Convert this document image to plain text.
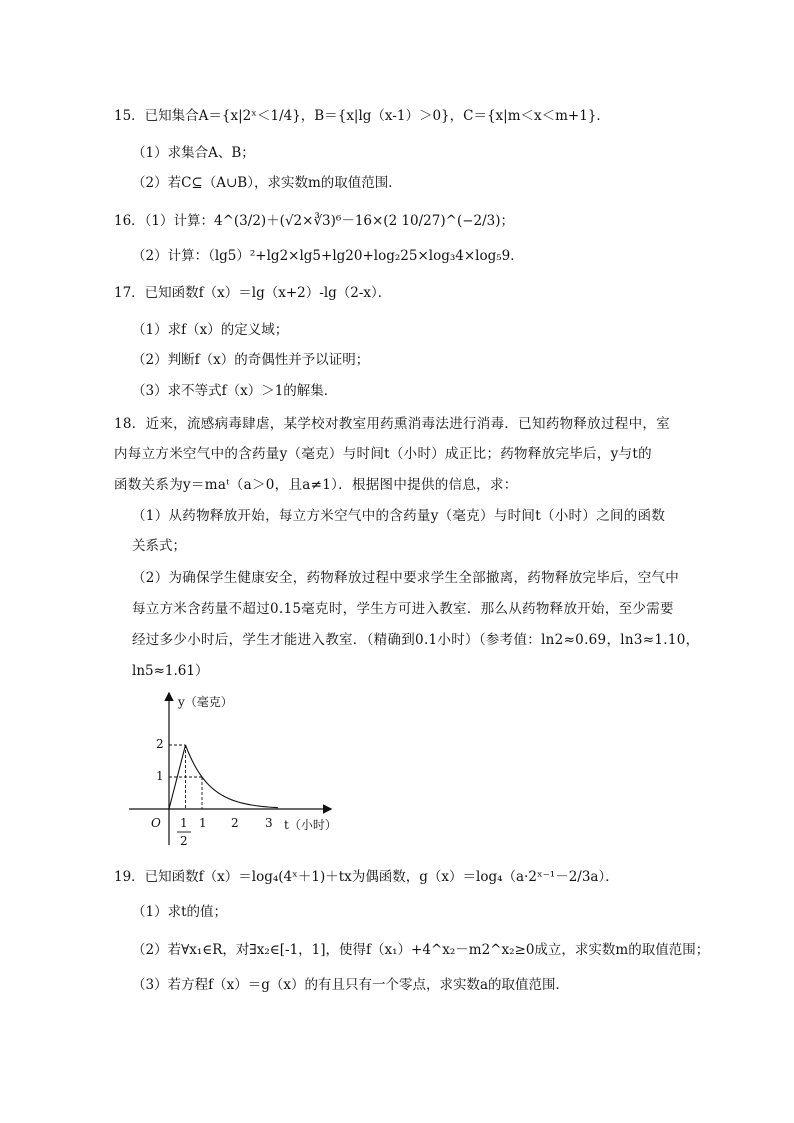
15．已知集合A＝{x|2ˣ＜1/4}，B＝{x|lg（x-1）＞0}，C＝{x|m＜x＜m+1}．
（1）求集合A、B；
（2）若C⊆（A∪B），求实数m的取值范围．
16．（1）计算：4^(3/2)＋(√2×∛3)⁶－16×(2 10/27)^(−2/3)；
（2）计算：（lg5）²+lg2×lg5+lg20+log₂25×log₃4×log₅9．
17．已知函数f（x）＝lg（x+2）-lg（2-x）．
（1）求f（x）的定义域；
（2）判断f（x）的奇偶性并予以证明；
（3）求不等式f（x）＞1的解集．
18．近来，流感病毒肆虐，某学校对教室用药熏消毒法进行消毒．已知药物释放过程中，室
内每立方米空气中的含药量y（毫克）与时间t（小时）成正比；药物释放完毕后，y与t的
函数关系为y＝maᵗ（a＞0，且a≠1）．根据图中提供的信息，求：
（1）从药物释放开始，每立方米空气中的含药量y（毫克）与时间t（小时）之间的函数
关系式；
（2）为确保学生健康安全，药物释放过程中要求学生全部撤离，药物释放完毕后，空气中
每立方米含药量不超过0.15毫克时，学生方可进入教室．那么从药物释放开始，至少需要
经过多少小时后，学生才能进入教室．（精确到0.1小时）（参考值：ln2≈0.69，ln3≈1.10，
ln5≈1.61）
y（毫克）
t（小时）
O
2
1
1
2
1 2 3
19．已知函数f（x）＝log₄(4ˣ＋1)＋tx为偶函数，g（x）＝log₄（a·2ˣ⁻¹－2/3a）．
（1）求t的值；
（2）若∀x₁∈R，对∃x₂∈[-1，1]，使得f（x₁）+4^x₂－m2^x₂≥0成立，求实数m的取值范围；
（3）若方程f（x）＝g（x）的有且只有一个零点，求实数a的取值范围．
